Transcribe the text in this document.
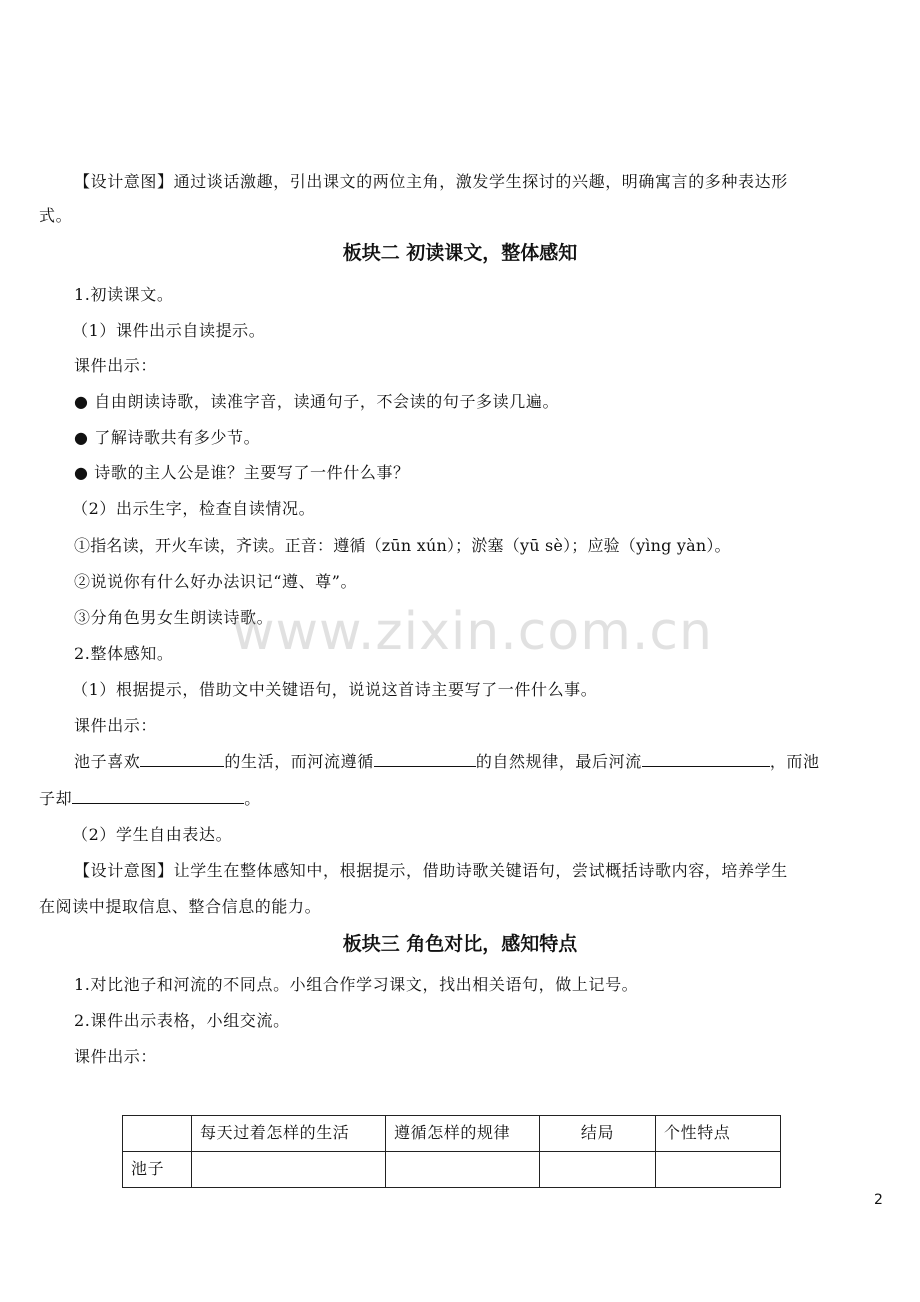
【设计意图】通过谈话激趣，引出课文的两位主角，激发学生探讨的兴趣，明确寓言的多种表达形
式。
板块二 初读课文，整体感知
1.初读课文。
（1）课件出示自读提示。
课件出示：
● 自由朗读诗歌，读准字音，读通句子，不会读的句子多读几遍。
● 了解诗歌共有多少节。
● 诗歌的主人公是谁？主要写了一件什么事？
（2）出示生字，检查自读情况。
①指名读，开火车读，齐读。正音：遵循（zūn xún）；淤塞（yū sè）；应验（yìng yàn）。
②说说你有什么好办法识记“遵、尊”。
③分角色男女生朗读诗歌。
2.整体感知。
（1）根据提示，借助文中关键语句，说说这首诗主要写了一件什么事。
课件出示：
池子喜欢	的生活，而河流遵循	的自然规律，最后河流	，而池
子却	。
（2）学生自由表达。
【设计意图】让学生在整体感知中，根据提示，借助诗歌关键语句，尝试概括诗歌内容，培养学生
在阅读中提取信息、整合信息的能力。
板块三 角色对比，感知特点
1.对比池子和河流的不同点。小组合作学习课文，找出相关语句，做上记号。
2.课件出示表格，小组交流。
课件出示：
	每天过着怎样的生活	遵循怎样的规律	结局	个性特点
池子				
www.zixin.com.cn
2
